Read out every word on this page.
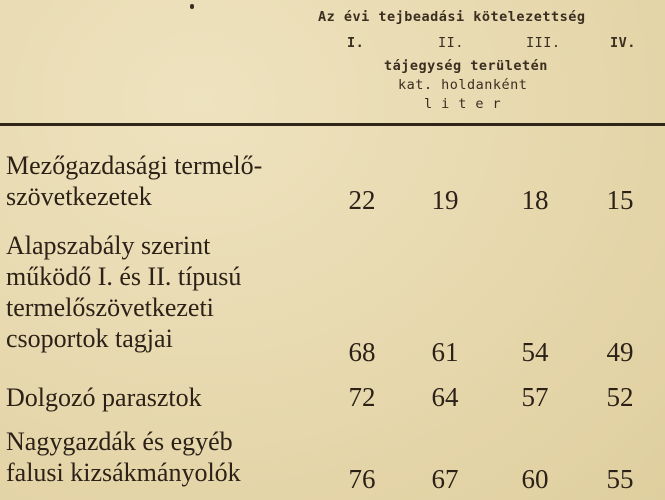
Az évi tejbeadási kötelezettség
I.	II.	III.	IV.
tájegység területén
kat. holdanként
liter
Mezőgazdasági termelő-
szövetkezetek	22	19	18	15
Alapszabály szerint
működő I. és II. típusú
termelőszövetkezeti
csoportok tagjai	68	61	54	49
Dolgozó parasztok	72	64	57	52
Nagygazdák és egyéb
falusi kizsákmányolók	76	67	60	55
